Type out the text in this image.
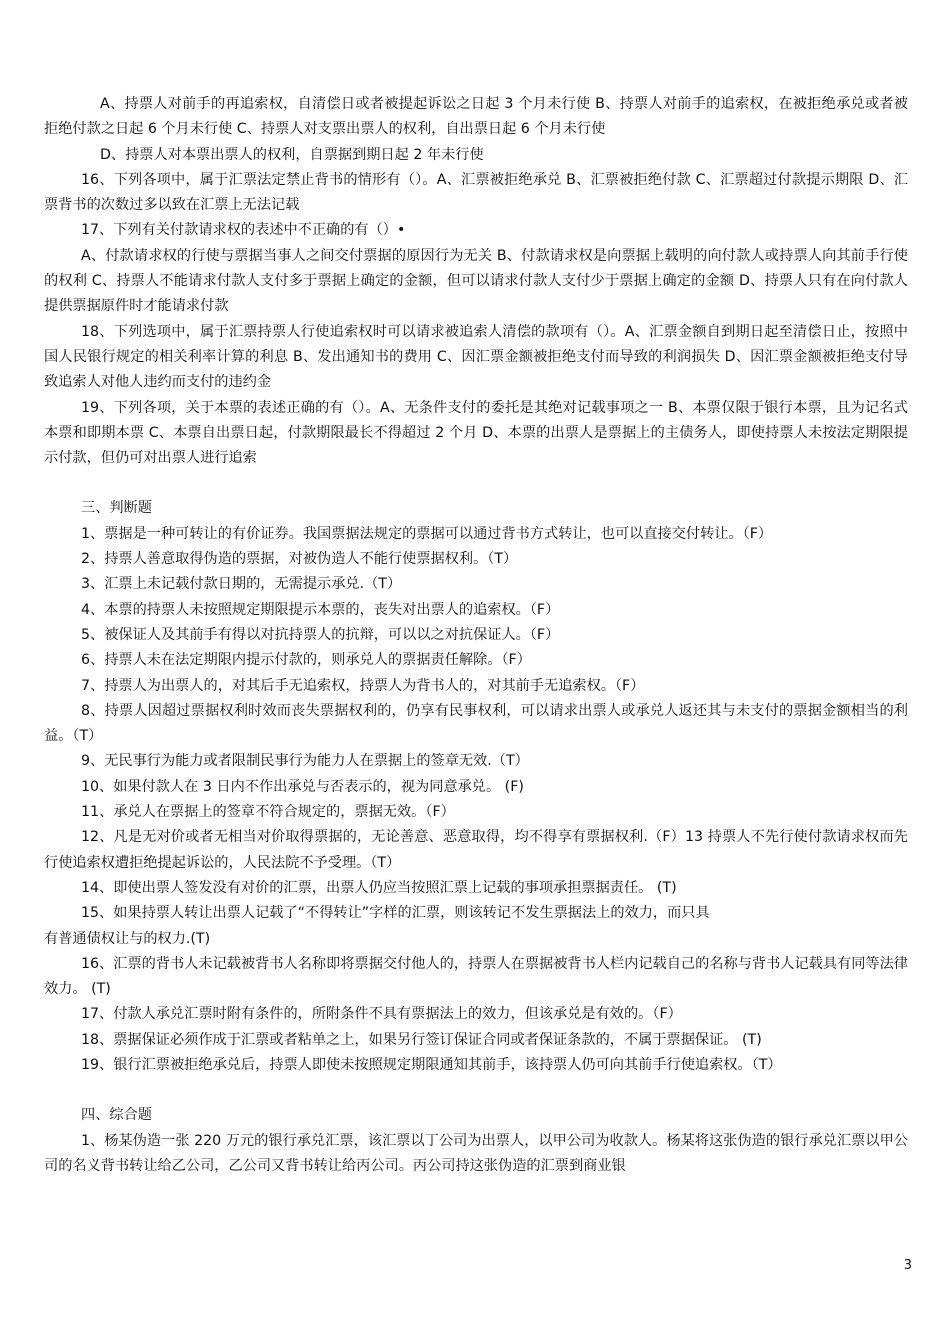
A、持票人对前手的再追索权，自清偿日或者被提起诉讼之日起 3 个月未行使 B、持票人对前手的追索权，在被拒绝承兑或者被拒绝付款之日起 6 个月未行使 C、持票人对支票出票人的权利，自出票日起 6 个月未行使

D、持票人对本票出票人的权利，自票据到期日起 2 年未行使

16、下列各项中，属于汇票法定禁止背书的情形有（）。A、汇票被拒绝承兑 B、汇票被拒绝付款 C、汇票超过付款提示期限 D、汇票背书的次数过多以致在汇票上无法记载

17、下列有关付款请求权的表述中不正确的有（）•

A、付款请求权的行使与票据当事人之间交付票据的原因行为无关 B、付款请求权是向票据上载明的向付款人或持票人向其前手行使的权利 C、持票人不能请求付款人支付多于票据上确定的金额，但可以请求付款人支付少于票据上确定的金额 D、持票人只有在向付款人提供票据原件时才能请求付款

18、下列选项中，属于汇票持票人行使追索权时可以请求被追索人清偿的款项有（）。A、汇票金额自到期日起至清偿日止，按照中国人民银行规定的相关利率计算的利息 B、发出通知书的费用 C、因汇票金额被拒绝支付而导致的利润损失 D、因汇票金额被拒绝支付导致追索人对他人违约而支付的违约金

19、下列各项，关于本票的表述正确的有（）。A、无条件支付的委托是其绝对记载事项之一 B、本票仅限于银行本票，且为记名式本票和即期本票 C、本票自出票日起，付款期限最长不得超过 2 个月 D、本票的出票人是票据上的主债务人，即使持票人未按法定期限提示付款，但仍可对出票人进行追索

三、判断题

1、票据是一种可转让的有价证券。我国票据法规定的票据可以通过背书方式转让，也可以直接交付转让。（F）

2、持票人善意取得伪造的票据，对被伪造人不能行使票据权利。（T）

3、汇票上未记载付款日期的，无需提示承兑.（T）

4、本票的持票人未按照规定期限提示本票的，丧失对出票人的追索权。（F）

5、被保证人及其前手有得以对抗持票人的抗辩，可以以之对抗保证人。（F）

6、持票人未在法定期限内提示付款的，则承兑人的票据责任解除。（F）

7、持票人为出票人的，对其后手无追索权，持票人为背书人的，对其前手无追索权。（F）

8、持票人因超过票据权利时效而丧失票据权利的，仍享有民事权利，可以请求出票人或承兑人返还其与未支付的票据金额相当的利益。（T）

9、无民事行为能力或者限制民事行为能力人在票据上的签章无效.（T）

10、如果付款人在 3 日内不作出承兑与否表示的，视为同意承兑。 (F)

11、承兑人在票据上的签章不符合规定的，票据无效。（F）

12、凡是无对价或者无相当对价取得票据的，无论善意、恶意取得，均不得享有票据权利.（F）13 持票人不先行使付款请求权而先行使追索权遭拒绝提起诉讼的，人民法院不予受理。（T）

14、即使出票人签发没有对价的汇票，出票人仍应当按照汇票上记载的事项承担票据责任。 (T)

15、如果持票人转让出票人记载了“不得转让”字样的汇票，则该转记不发生票据法上的效力，而只具

有普通债权让与的权力.(T)

16、汇票的背书人未记载被背书人名称即将票据交付他人的，持票人在票据被背书人栏内记载自己的名称与背书人记载具有同等法律效力。 (T)

17、付款人承兑汇票时附有条件的，所附条件不具有票据法上的效力，但该承兑是有效的。（F）

18、票据保证必须作成于汇票或者粘单之上，如果另行签订保证合同或者保证条款的，不属于票据保证。 (T)

19、银行汇票被拒绝承兑后，持票人即使未按照规定期限通知其前手，该持票人仍可向其前手行使追索权。（T）

四、综合题

1、杨某伪造一张 220 万元的银行承兑汇票，该汇票以丁公司为出票人，以甲公司为收款人。杨某将这张伪造的银行承兑汇票以甲公司的名义背书转让给乙公司，乙公司又背书转让给丙公司。丙公司持这张伪造的汇票到商业银

3
